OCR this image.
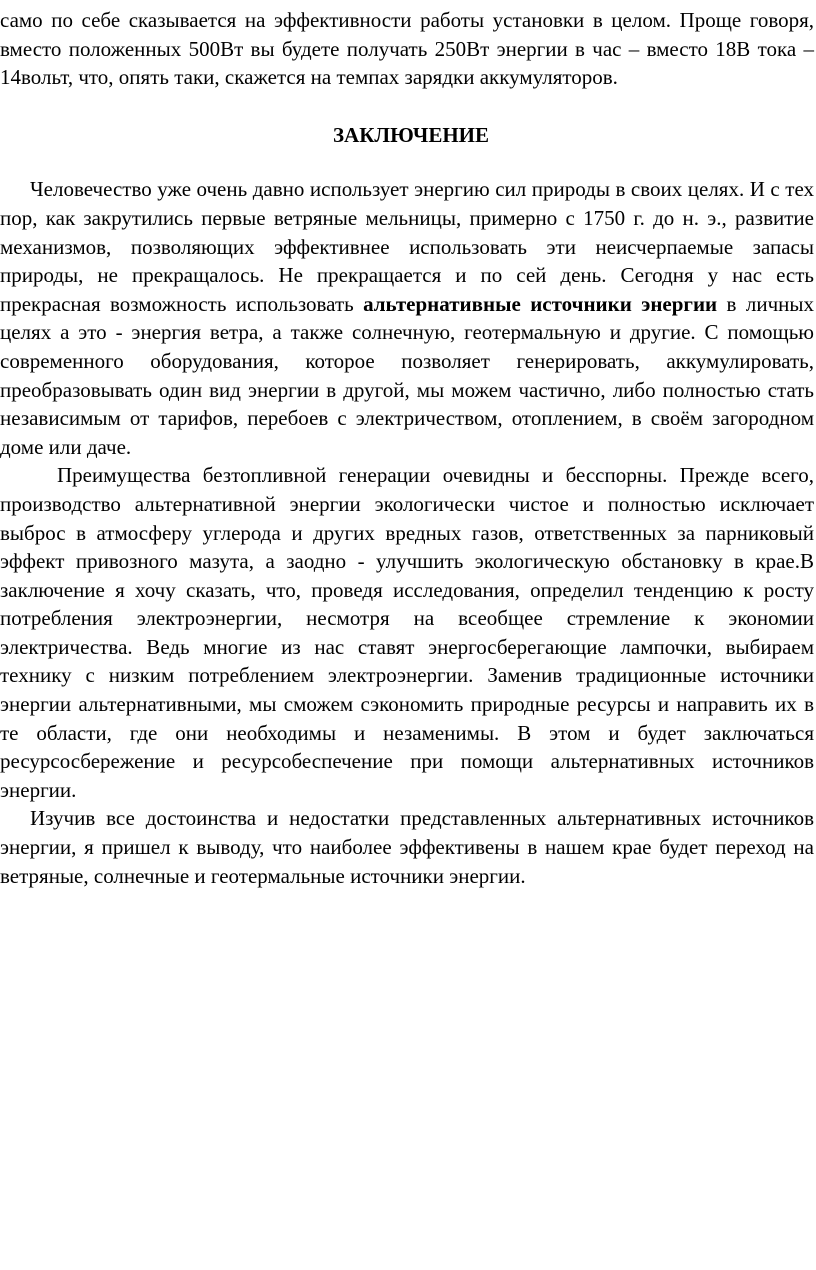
само по себе сказывается на эффективности работы установки в целом. Проще говоря, вместо положенных 500Вт вы будете получать 250Вт энергии в час – вместо 18В тока – 14вольт, что, опять таки, скажется на темпах зарядки аккумуляторов.

ЗАКЛЮЧЕНИЕ

Человечество уже очень давно использует энергию сил природы в своих целях. И с тех пор, как закрутились первые ветряные мельницы, примерно с 1750 г. до н. э., развитие механизмов, позволяющих эффективнее использовать эти неисчерпаемые запасы природы, не прекращалось. Не прекращается и по сей день. Сегодня у нас есть прекрасная возможность использовать альтернативные источники энергии в личных целях а это - энергия ветра, а также солнечную, геотермальную и другие. С помощью современного оборудования, которое позволяет генерировать, аккумулировать, преобразовывать один вид энергии в другой, мы можем частично, либо полностью стать независимым от тарифов, перебоев с электричеством, отоплением, в своём загородном доме или даче.

Преимущества безтопливной генерации очевидны и бесспорны. Прежде всего, производство альтернативной энергии экологически чистое и полностью исключает выброс в атмосферу углерода и других вредных газов, ответственных за парниковый эффект привозного мазута, а заодно - улучшить экологическую обстановку в крае.В заключение я хочу сказать, что, проведя исследования, определил тенденцию к росту потребления электроэнергии, несмотря на всеобщее стремление к экономии электричества. Ведь многие из нас ставят энергосберегающие лампочки, выбираем технику с низким потреблением электроэнергии. Заменив традиционные источники энергии альтернативными, мы сможем сэкономить природные ресурсы и направить их в те области, где они необходимы и незаменимы. В этом и будет заключаться ресурсосбережение и ресурсобеспечение при помощи альтернативных источников энергии.

Изучив все достоинства и недостатки представленных альтернативных источников энергии, я пришел к выводу, что наиболее эффективены в нашем крае будет переход на ветряные, солнечные и геотермальные источники энергии.
